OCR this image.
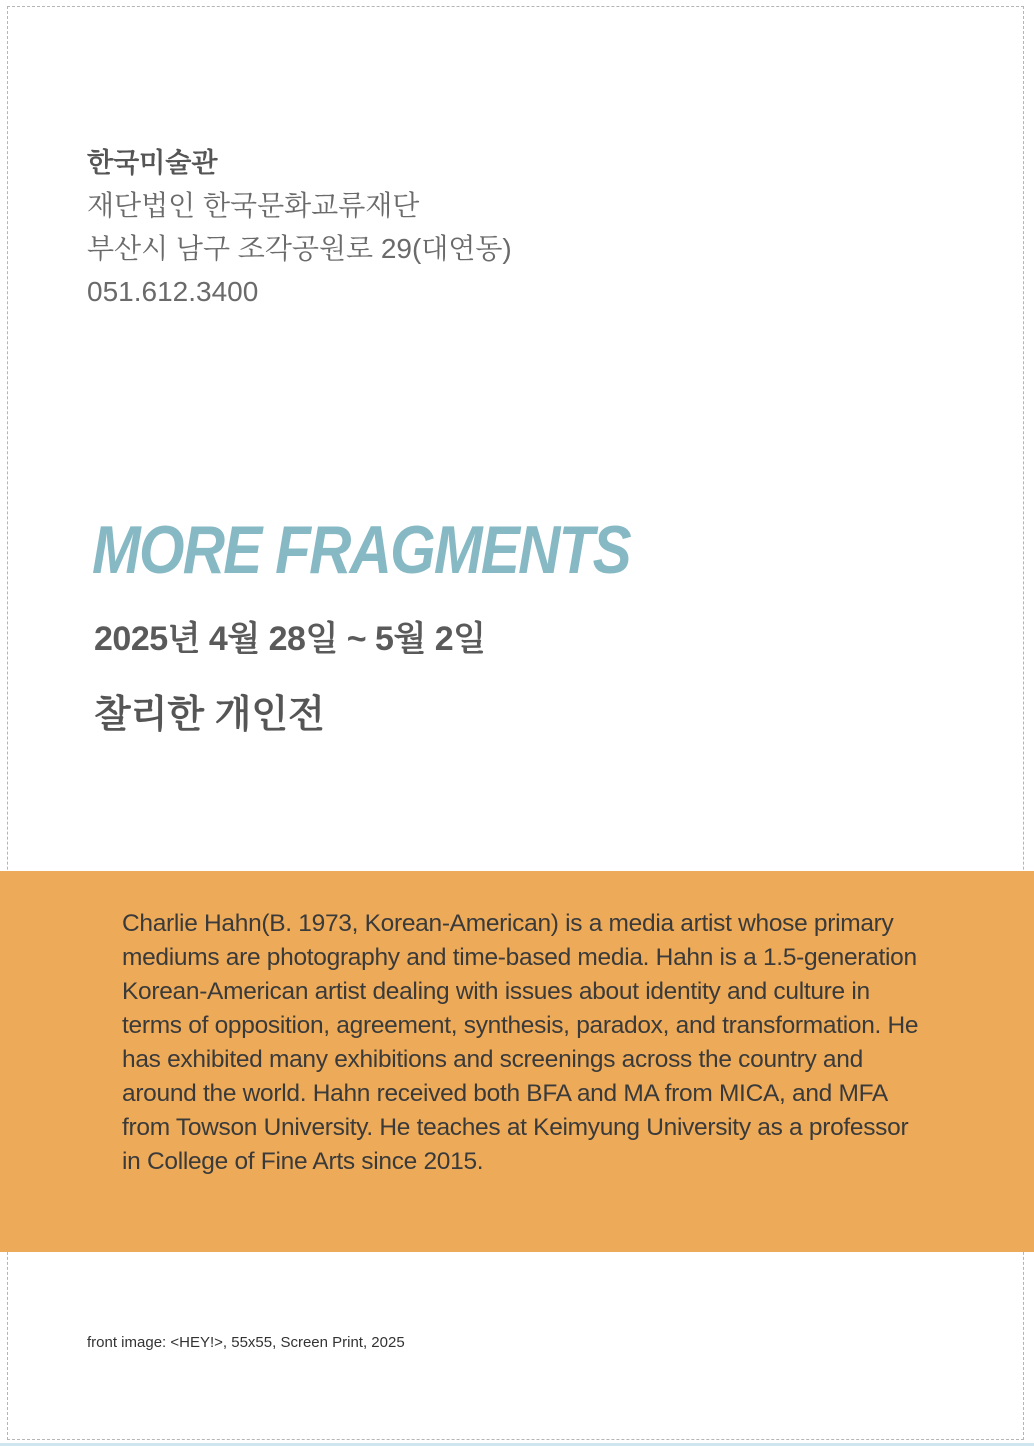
한국미술관
재단법인 한국문화교류재단
부산시 남구 조각공원로 29(대연동)
051.612.3400
MORE FRAGMENTS
2025년 4월 28일 ~ 5월 2일
찰리한 개인전

Charlie Hahn(B. 1973, Korean-American) is a media artist whose primary mediums are photography and time-based media. Hahn is a 1.5-generation Korean-American artist dealing with issues about identity and culture in terms of opposition, agreement, synthesis, paradox, and transformation. He has exhibited many exhibitions and screenings across the country and around the world. Hahn received both BFA and MA from MICA, and MFA from Towson University. He teaches at Keimyung University as a professor in College of Fine Arts since 2015.

front image: <HEY!>, 55x55, Screen Print, 2025
